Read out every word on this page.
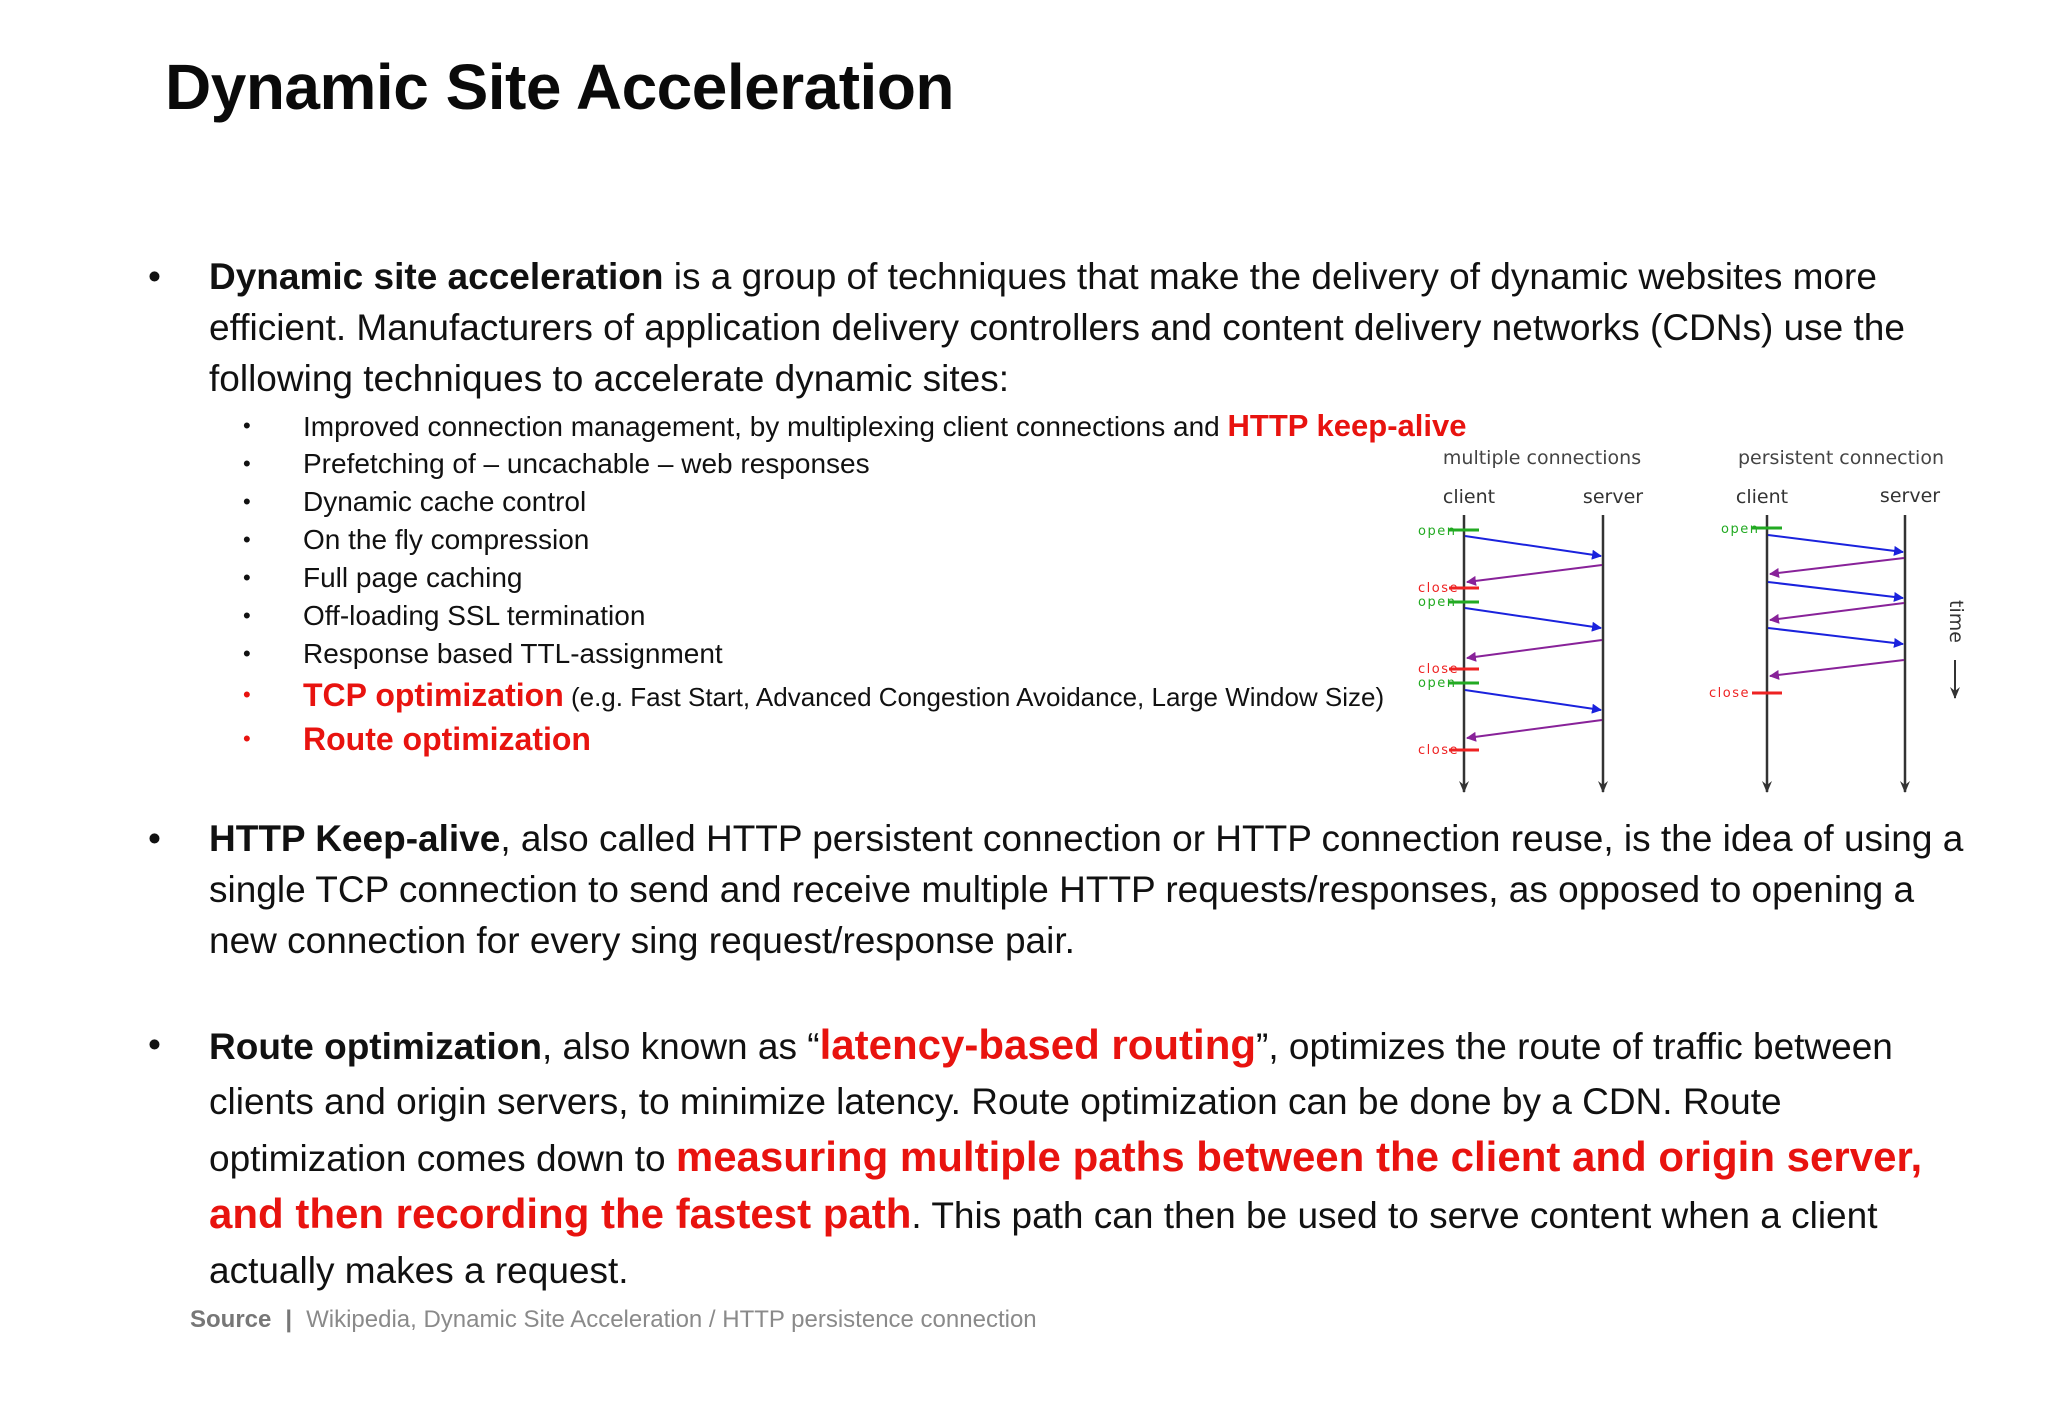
Dynamic Site Acceleration
• Dynamic site acceleration is a group of techniques that make the delivery of dynamic websites more efficient. Manufacturers of application delivery controllers and content delivery networks (CDNs) use the following techniques to accelerate dynamic sites:
• Improved connection management, by multiplexing client connections and HTTP keep-alive
• Prefetching of – uncachable – web responses
• Dynamic cache control
• On the fly compression
• Full page caching
• Off-loading SSL termination
• Response based TTL-assignment
• TCP optimization (e.g. Fast Start, Advanced Congestion Avoidance, Large Window Size)
• Route optimization
multiple connections	persistent connection
client	server	client	server
open
close
open
close
open
close
open
close
time
• HTTP Keep-alive, also called HTTP persistent connection or HTTP connection reuse, is the idea of using a single TCP connection to send and receive multiple HTTP requests/responses, as opposed to opening a new connection for every sing request/response pair.
• Route optimization, also known as “latency-based routing”, optimizes the route of traffic between clients and origin servers, to minimize latency. Route optimization can be done by a CDN. Route optimization comes down to measuring multiple paths between the client and origin server, and then recording the fastest path. This path can then be used to serve content when a client actually makes a request.
Source | Wikipedia, Dynamic Site Acceleration / HTTP persistence connection
